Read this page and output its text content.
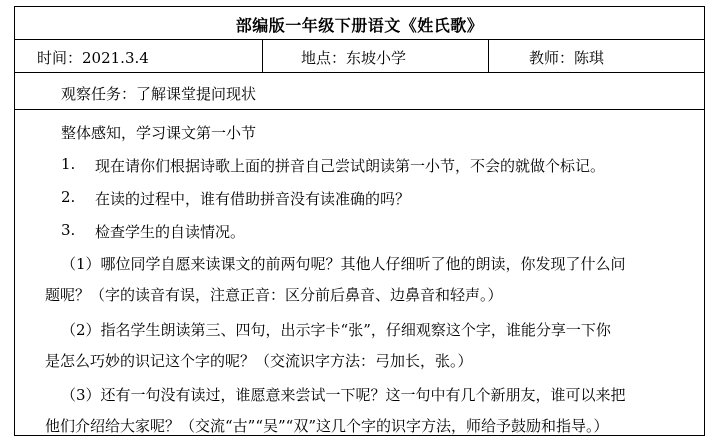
部编版一年级下册语文《姓氏歌》
时间：2021.3.4	地点：东坡小学	教师：陈琪
观察任务：了解课堂提问现状
整体感知，学习课文第一小节
1. 现在请你们根据诗歌上面的拼音自己尝试朗读第一小节，不会的就做个标记。
2. 在读的过程中，谁有借助拼音没有读准确的吗？
3. 检查学生的自读情况。
（1）哪位同学自愿来读课文的前两句呢？其他人仔细听了他的朗读，你发现了什么问
题呢？（字的读音有误，注意正音：区分前后鼻音、边鼻音和轻声。）
（2）指名学生朗读第三、四句，出示字卡“张”，仔细观察这个字，谁能分享一下你
是怎么巧妙的识记这个字的呢？（交流识字方法：弓加长，张。）
（3）还有一句没有读过，谁愿意来尝试一下呢？这一句中有几个新朋友，谁可以来把
他们介绍给大家呢？（交流“古”“吴”“双”这几个字的识字方法，师给予鼓励和指导。）
